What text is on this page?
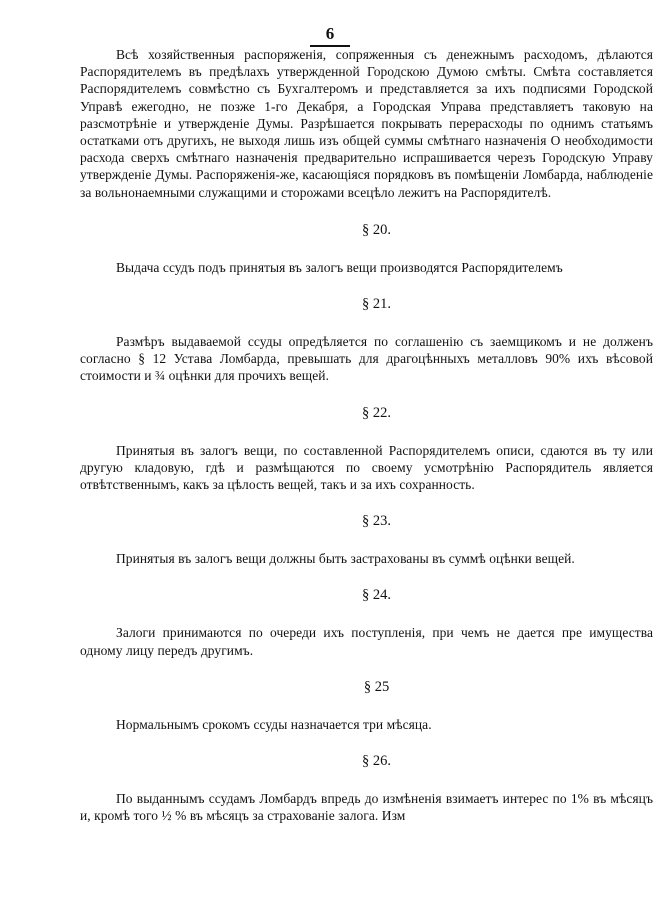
6

Всѣ хозяйственныя распоряженія, сопряженныя съ денежнымъ расходомъ, дѣлаются Распорядителемъ въ предѣлахъ утвержденной Городскою Думою смѣты. Смѣта составляется Распорядителемъ совмѣстно съ Бухгалтеромъ и представляется за ихъ подписями Городской Управѣ ежегодно, не позже 1-го Декабря, а Городская Управа представляетъ таковую на разсмотрѣніе и утвержденіе Думы. Разрѣшается покрывать перерасходы по однимъ статьямъ остатками отъ другихъ, не выходя лишь изъ общей суммы смѣтнаго назначенія О необходимости расхода сверхъ смѣтнаго назначенія предварительно испрашивается черезъ Городскую Управу утвержденіе Думы. Распоряженія-же, касающіяся порядковъ въ помѣщеніи Ломбарда, наблюденіе за вольнонаемными служащими и сторожами всецѣло лежитъ на Распорядителѣ.

§ 20.

Выдача ссудъ подъ принятыя въ залогъ вещи производятся Распорядителемъ

§ 21.

Размѣръ выдаваемой ссуды опредѣляется по соглашенію съ заемщикомъ и не долженъ согласно § 12 Устава Ломбарда, превышать для драгоцѣнныхъ металловъ 90% ихъ вѣсовой стоимости и ¾ оцѣнки для прочихъ вещей.

§ 22.

Принятыя въ залогъ вещи, по составленной Распорядителемъ описи, сдаются въ ту или другую кладовую, гдѣ и размѣщаются по своему усмотрѣнію Распорядитель является отвѣтственнымъ, какъ за цѣлость вещей, такъ и за ихъ сохранность.

§ 23.

Принятыя въ залогъ вещи должны быть застрахованы въ суммѣ оцѣнки вещей.

§ 24.

Залоги принимаются по очереди ихъ поступленія, при чемъ не дается пре имущества одному лицу передъ другимъ.

§ 25

Нормальнымъ срокомъ ссуды назначается три мѣсяца.

§ 26.

По выданнымъ ссудамъ Ломбардъ впредь до измѣненія взимаетъ интерес по 1% въ мѣсяцъ и, кромѣ того ½ % въ мѣсяцъ за страхованіе залога. Изм
